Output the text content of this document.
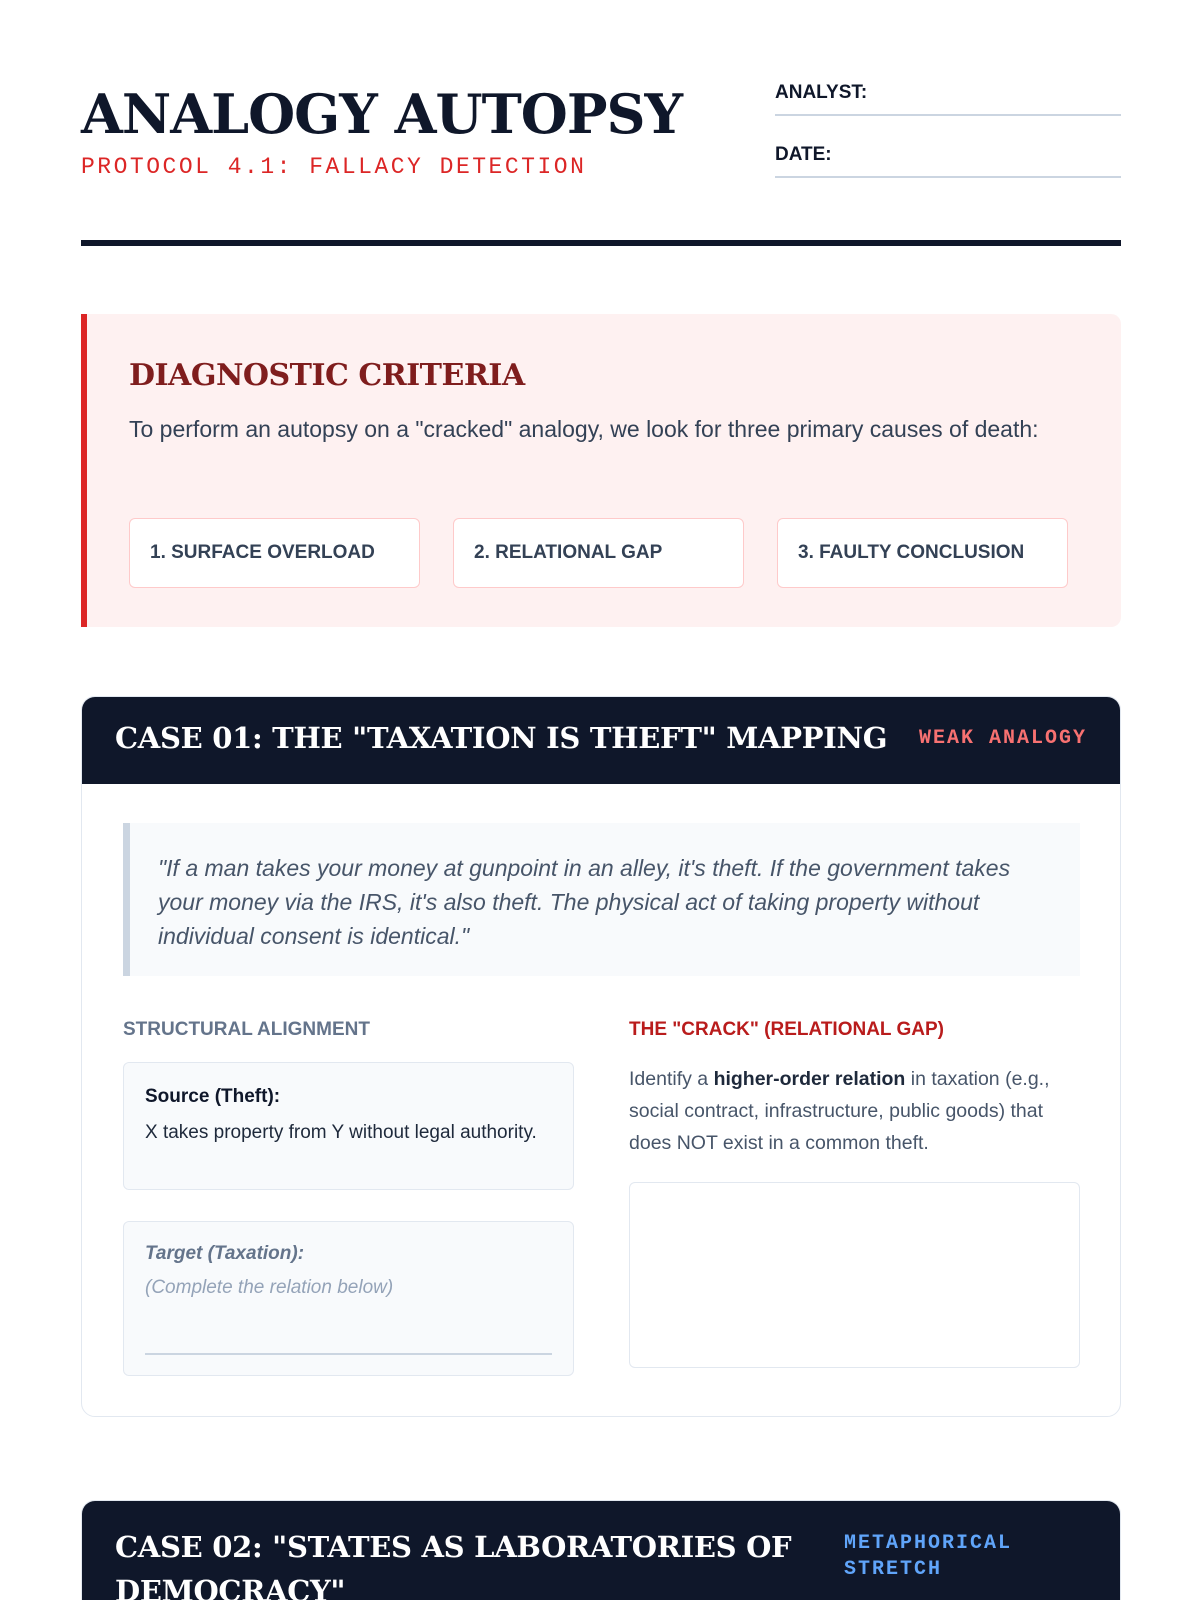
ANALOGY AUTOPSY
PROTOCOL 4.1: FALLACY DETECTION
ANALYST:
DATE:
DIAGNOSTIC CRITERIA

To perform an autopsy on a "cracked" analogy, we look for three primary causes of death:

1. SURFACE OVERLOAD	2. RELATIONAL GAP	3. FAULTY CONCLUSION
CASE 01: THE "TAXATION IS THEFT" MAPPING WEAK ANALOGY
"If a man takes your money at gunpoint in an alley, it's theft. If the government takes your money via the IRS, it's also theft. The physical act of taking property without individual consent is identical."
STRUCTURAL ALIGNMENT	THE "CRACK" (RELATIONAL GAP)
Source (Theft):
X takes property from Y without legal authority.
Target (Taxation):
(Complete the relation below)
Identify a higher-order relation in taxation (e.g., social contract, infrastructure, public goods) that does NOT exist in a common theft.
CASE 02: "STATES AS LABORATORIES OF DEMOCRACY"
METAPHORICAL STRETCH
